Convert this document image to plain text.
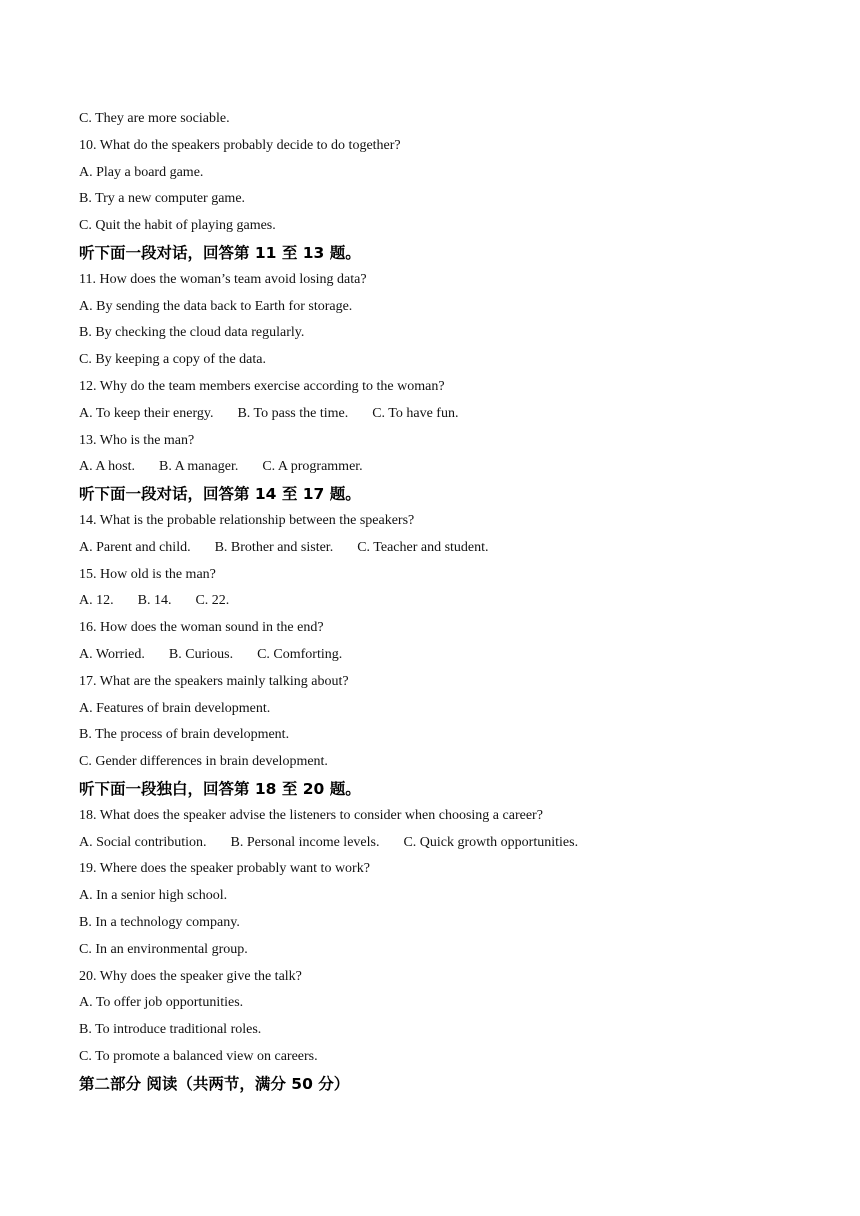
C. They are more sociable.
10. What do the speakers probably decide to do together?
A. Play a board game.
B. Try a new computer game.
C. Quit the habit of playing games.
听下面一段对话，回答第 11 至 13 题。
11. How does the woman’s team avoid losing data?
A. By sending the data back to Earth for storage.
B. By checking the cloud data regularly.
C. By keeping a copy of the data.
12. Why do the team members exercise according to the woman?
A. To keep their energy. B. To pass the time. C. To have fun.
13. Who is the man?
A. A host. B. A manager. C. A programmer.
听下面一段对话，回答第 14 至 17 题。
14. What is the probable relationship between the speakers?
A. Parent and child. B. Brother and sister. C. Teacher and student.
15. How old is the man?
A. 12. B. 14. C. 22.
16. How does the woman sound in the end?
A. Worried. B. Curious. C. Comforting.
17. What are the speakers mainly talking about?
A. Features of brain development.
B. The process of brain development.
C. Gender differences in brain development.
听下面一段独白，回答第 18 至 20 题。
18. What does the speaker advise the listeners to consider when choosing a career?
A. Social contribution. B. Personal income levels. C. Quick growth opportunities.
19. Where does the speaker probably want to work?
A. In a senior high school.
B. In a technology company.
C. In an environmental group.
20. Why does the speaker give the talk?
A. To offer job opportunities.
B. To introduce traditional roles.
C. To promote a balanced view on careers.
第二部分 阅读（共两节，满分 50 分）
